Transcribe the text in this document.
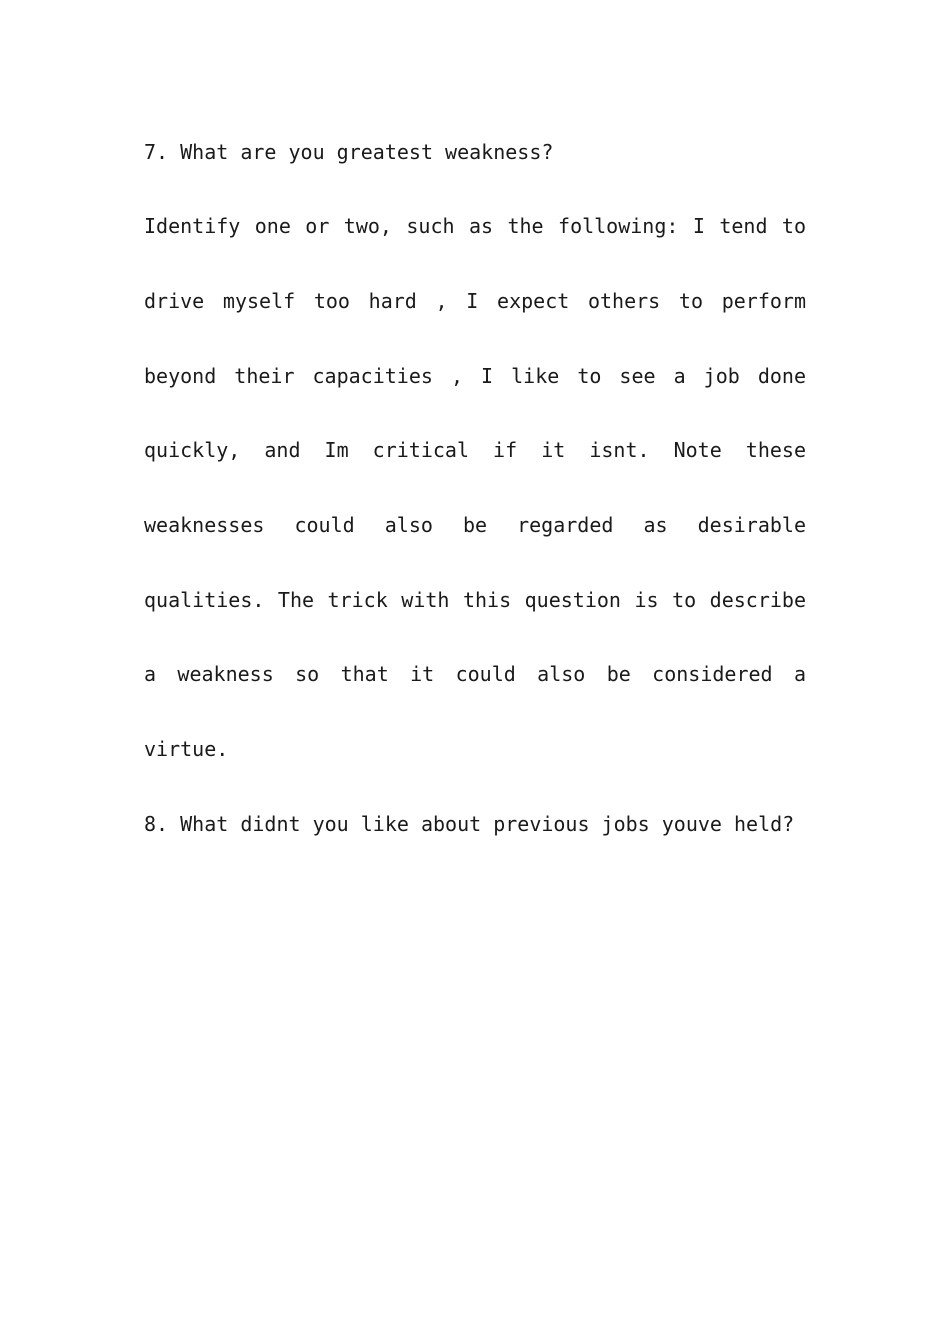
7. What are you greatest weakness?
Identify one or two, such as the following: I tend to
drive myself too hard , I expect others to perform
beyond their capacities , I like to see a job done
quickly, and Im critical if it isnt. Note these
weaknesses could also be regarded as desirable
qualities. The trick with this question is to describe
a weakness so that it could also be considered a
virtue.
8. What didnt you like about previous jobs youve held?
